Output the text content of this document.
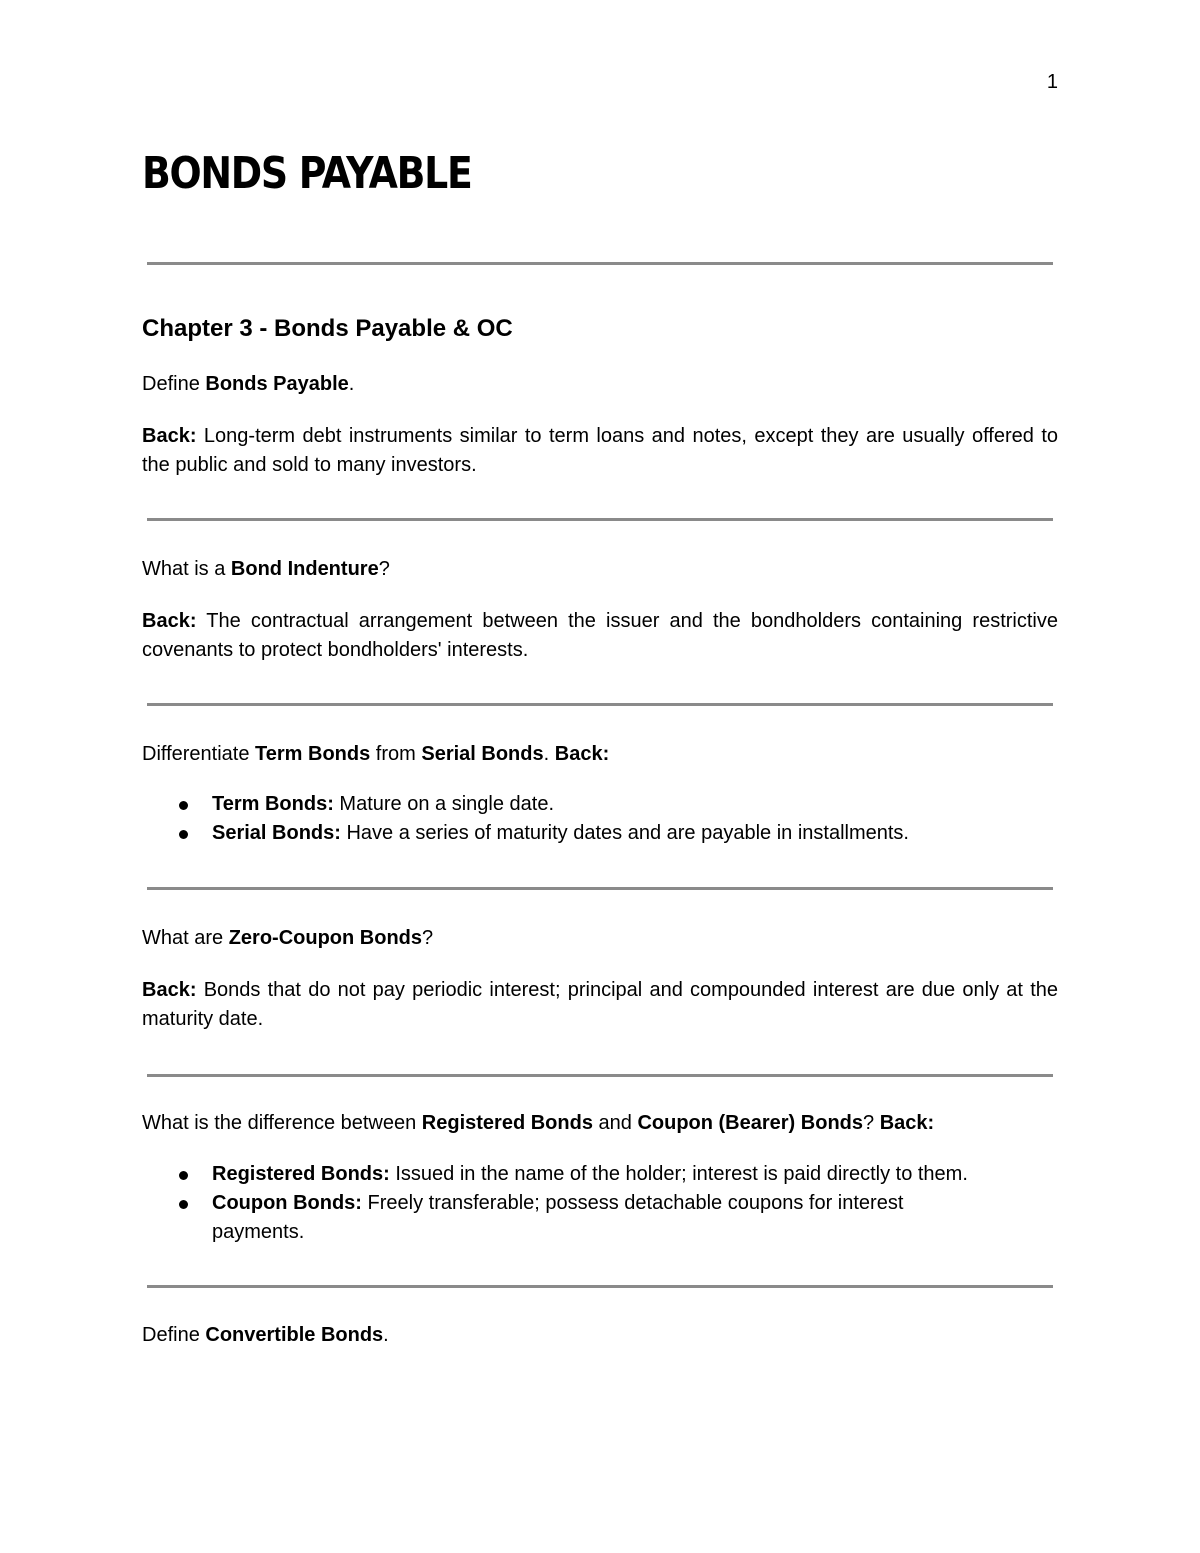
1
BONDS PAYABLE
Chapter 3 - Bonds Payable & OC

Define Bonds Payable.

Back: Long-term debt instruments similar to term loans and notes, except they are usually offered to the public and sold to many investors.

What is a Bond Indenture?

Back: The contractual arrangement between the issuer and the bondholders containing restrictive covenants to protect bondholders' interests.

Differentiate Term Bonds from Serial Bonds. Back:

Term Bonds: Mature on a single date.
Serial Bonds: Have a series of maturity dates and are payable in installments.

What are Zero-Coupon Bonds?

Back: Bonds that do not pay periodic interest; principal and compounded interest are due only at the maturity date.

What is the difference between Registered Bonds and Coupon (Bearer) Bonds? Back:

Registered Bonds: Issued in the name of the holder; interest is paid directly to them.
Coupon Bonds: Freely transferable; possess detachable coupons for interest payments.

Define Convertible Bonds.
